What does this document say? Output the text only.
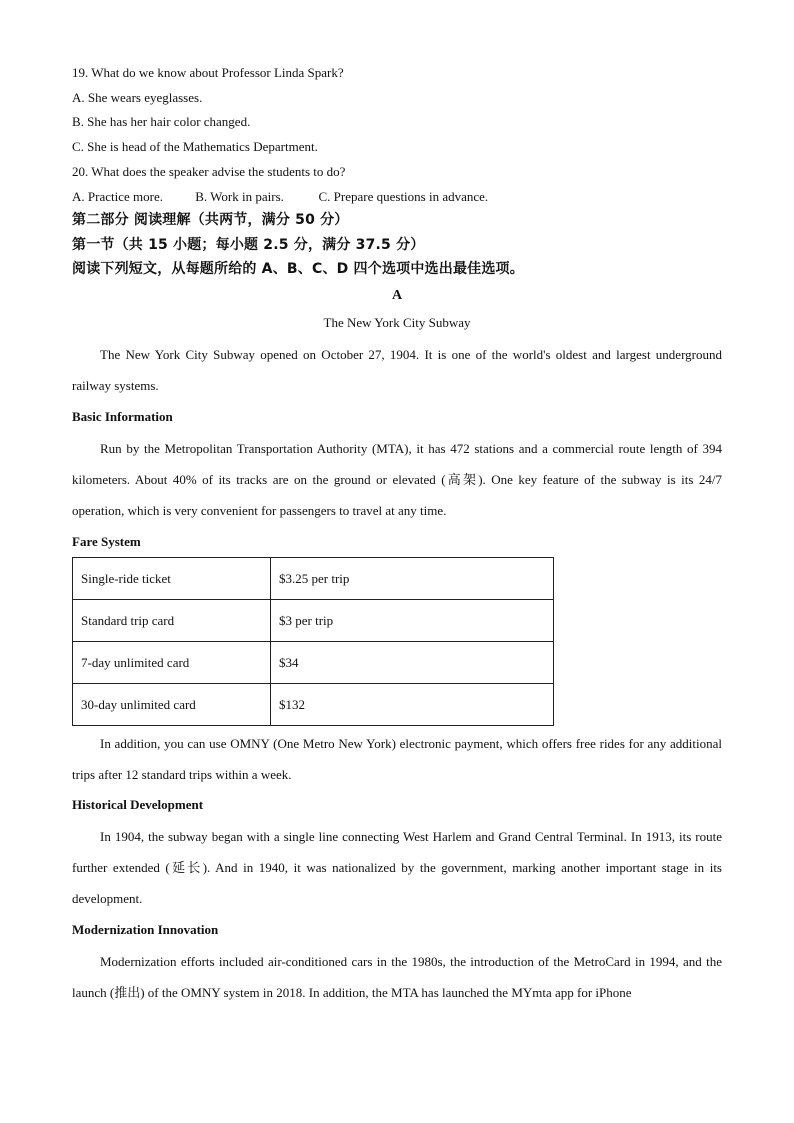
19. What do we know about Professor Linda Spark?
A. She wears eyeglasses.
B. She has her hair color changed.
C. She is head of the Mathematics Department.
20. What does the speaker advise the students to do?
A. Practice more. B. Work in pairs.	C. Prepare questions in advance.
第二部分 阅读理解（共两节，满分 50 分）
第一节（共 15 小题；每小题 2.5 分，满分 37.5 分）
阅读下列短文，从每题所给的 A、B、C、D 四个选项中选出最佳选项。
A
The New York City Subway
The New York City Subway opened on October 27, 1904. It is one of the world's oldest and largest underground railway systems.
Basic Information
Run by the Metropolitan Transportation Authority (MTA), it has 472 stations and a commercial route length of 394 kilometers. About 40% of its tracks are on the ground or elevated (高架). One key feature of the subway is its 24/7 operation, which is very convenient for passengers to travel at any time.
Fare System
Single-ride ticket	$3.25 per trip
Standard trip card	$3 per trip
7-day unlimited card	$34
30-day unlimited card	$132
In addition, you can use OMNY (One Metro New York) electronic payment, which offers free rides for any additional trips after 12 standard trips within a week.
Historical Development
In 1904, the subway began with a single line connecting West Harlem and Grand Central Terminal. In 1913, its route further extended (延长). And in 1940, it was nationalized by the government, marking another important stage in its development.
Modernization Innovation
Modernization efforts included air-conditioned cars in the 1980s, the introduction of the MetroCard in 1994, and the launch (推出) of the OMNY system in 2018. In addition, the MTA has launched the MYmta app for iPhone
